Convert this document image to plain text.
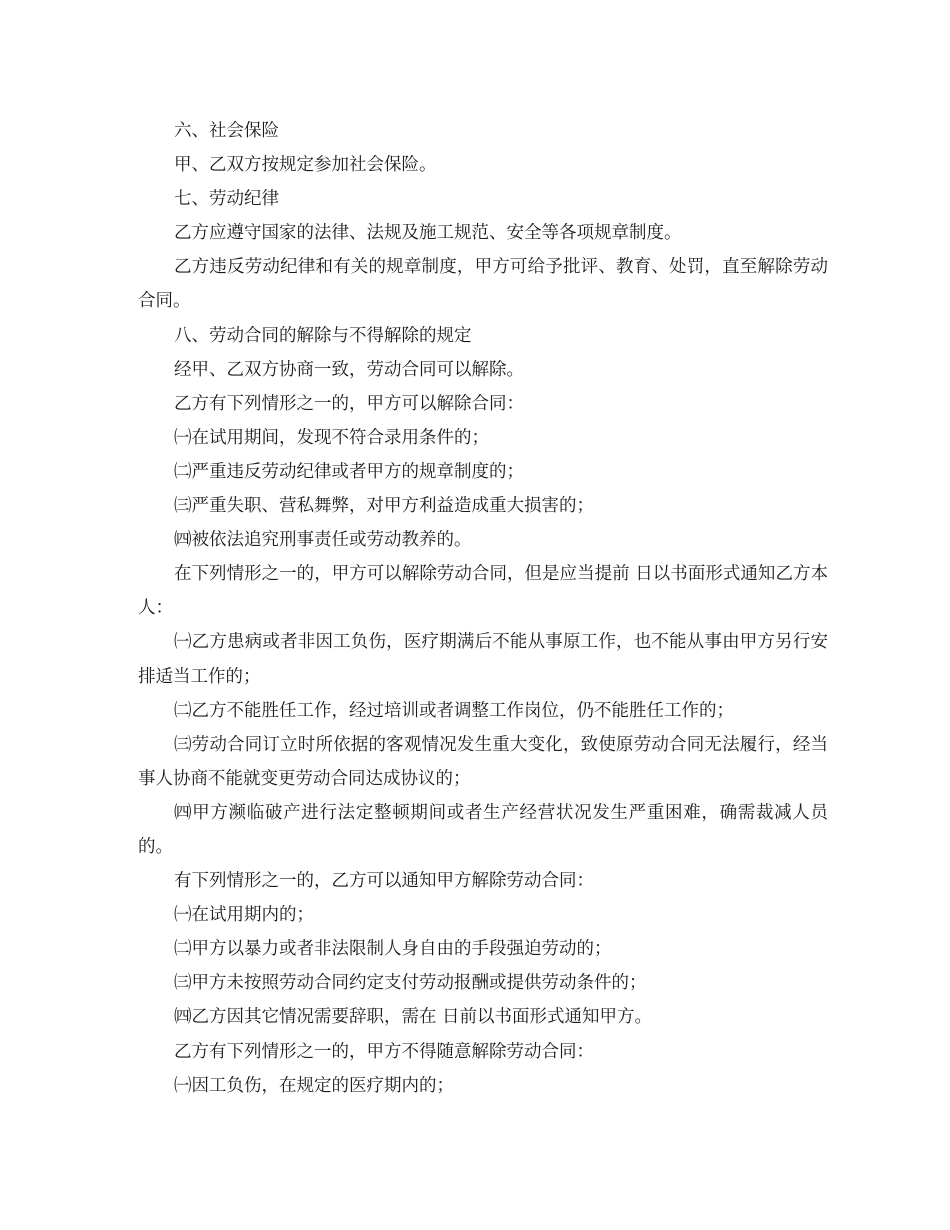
六、社会保险

甲、乙双方按规定参加社会保险。

七、劳动纪律

乙方应遵守国家的法律、法规及施工规范、安全等各项规章制度。

乙方违反劳动纪律和有关的规章制度，甲方可给予批评、教育、处罚，直至解除劳动合同。

八、劳动合同的解除与不得解除的规定

经甲、乙双方协商一致，劳动合同可以解除。

乙方有下列情形之一的，甲方可以解除合同：

㈠在试用期间，发现不符合录用条件的；

㈡严重违反劳动纪律或者甲方的规章制度的；

㈢严重失职、营私舞弊，对甲方利益造成重大损害的；

㈣被依法追究刑事责任或劳动教养的。

在下列情形之一的，甲方可以解除劳动合同，但是应当提前 日以书面形式通知乙方本人：

㈠乙方患病或者非因工负伤，医疗期满后不能从事原工作，也不能从事由甲方另行安排适当工作的；

㈡乙方不能胜任工作，经过培训或者调整工作岗位，仍不能胜任工作的；

㈢劳动合同订立时所依据的客观情况发生重大变化，致使原劳动合同无法履行，经当事人协商不能就变更劳动合同达成协议的；

㈣甲方濒临破产进行法定整顿期间或者生产经营状况发生严重困难，确需裁减人员的。

有下列情形之一的，乙方可以通知甲方解除劳动合同：

㈠在试用期内的；

㈡甲方以暴力或者非法限制人身自由的手段强迫劳动的；

㈢甲方未按照劳动合同约定支付劳动报酬或提供劳动条件的；

㈣乙方因其它情况需要辞职，需在 日前以书面形式通知甲方。

乙方有下列情形之一的，甲方不得随意解除劳动合同：

㈠因工负伤，在规定的医疗期内的；
